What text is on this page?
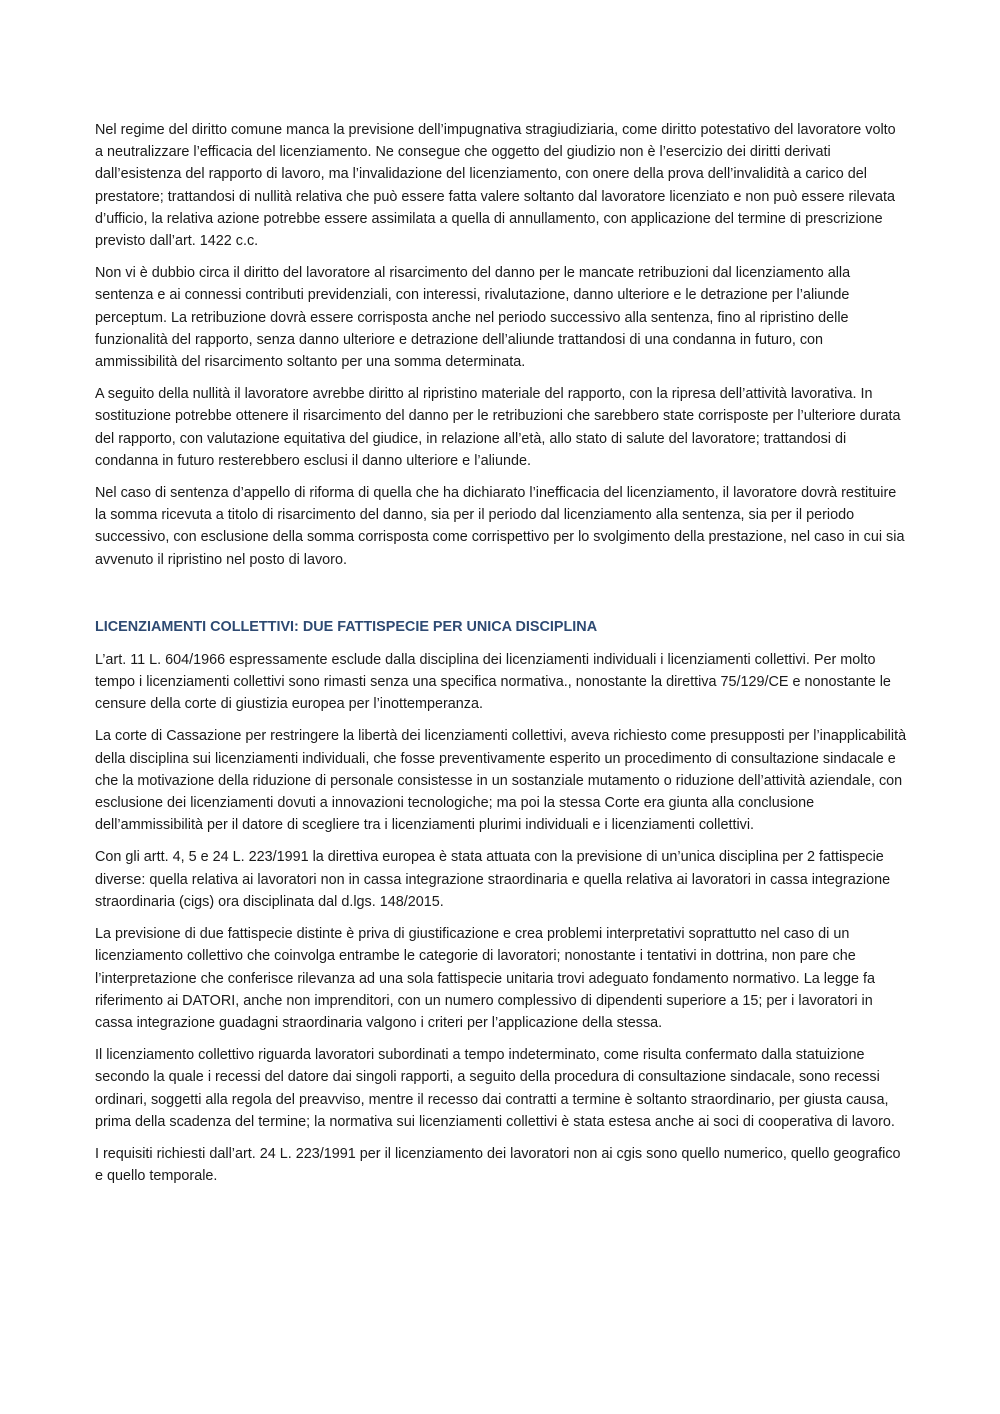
Nel regime del diritto comune manca la previsione dell’impugnativa stragiudiziaria, come diritto potestativo del lavoratore volto a neutralizzare l’efficacia del licenziamento. Ne consegue che oggetto del giudizio non è l’esercizio dei diritti derivati dall’esistenza del rapporto di lavoro, ma l’invalidazione del licenziamento, con onere della prova dell’invalidità a carico del prestatore; trattandosi di nullità relativa che può essere fatta valere soltanto dal lavoratore licenziato e non può essere rilevata d’ufficio, la relativa azione potrebbe essere assimilata a quella di annullamento, con applicazione del termine di prescrizione previsto dall’art. 1422 c.c.

Non vi è dubbio circa il diritto del lavoratore al risarcimento del danno per le mancate retribuzioni dal licenziamento alla sentenza e ai connessi contributi previdenziali, con interessi, rivalutazione, danno ulteriore e le detrazione per l’aliunde perceptum. La retribuzione dovrà essere corrisposta anche nel periodo successivo alla sentenza, fino al ripristino delle funzionalità del rapporto, senza danno ulteriore e detrazione dell’aliunde trattandosi di una condanna in futuro, con ammissibilità del risarcimento soltanto per una somma determinata.

A seguito della nullità il lavoratore avrebbe diritto al ripristino materiale del rapporto, con la ripresa dell’attività lavorativa. In sostituzione potrebbe ottenere il risarcimento del danno per le retribuzioni che sarebbero state corrisposte per l’ulteriore durata del rapporto, con valutazione equitativa del giudice, in relazione all’età, allo stato di salute del lavoratore; trattandosi di condanna in futuro resterebbero esclusi il danno ulteriore e l’aliunde.

Nel caso di sentenza d’appello di riforma di quella che ha dichiarato l’inefficacia del licenziamento, il lavoratore dovrà restituire la somma ricevuta a titolo di risarcimento del danno, sia per il periodo dal licenziamento alla sentenza, sia per il periodo successivo, con esclusione della somma corrisposta come corrispettivo per lo svolgimento della prestazione, nel caso in cui sia avvenuto il ripristino nel posto di lavoro.

LICENZIAMENTI COLLETTIVI: DUE FATTISPECIE PER UNICA DISCIPLINA

L’art. 11 L. 604/1966 espressamente esclude dalla disciplina dei licenziamenti individuali i licenziamenti collettivi. Per molto tempo i licenziamenti collettivi sono rimasti senza una specifica normativa., nonostante la direttiva 75/129/CE e nonostante le censure della corte di giustizia europea per l’inottemperanza.

La corte di Cassazione per restringere la libertà dei licenziamenti collettivi, aveva richiesto come presupposti per l’inapplicabilità della disciplina sui licenziamenti individuali, che fosse preventivamente esperito un procedimento di consultazione sindacale e che la motivazione della riduzione di personale consistesse in un sostanziale mutamento o riduzione dell’attività aziendale, con esclusione dei licenziamenti dovuti a innovazioni tecnologiche; ma poi la stessa Corte era giunta alla conclusione dell’ammissibilità per il datore di scegliere tra i licenziamenti plurimi individuali e i licenziamenti collettivi.

Con gli artt. 4, 5 e 24 L. 223/1991 la direttiva europea è stata attuata con la previsione di un’unica disciplina per 2 fattispecie diverse: quella relativa ai lavoratori non in cassa integrazione straordinaria e quella relativa ai lavoratori in cassa integrazione straordinaria (cigs) ora disciplinata dal d.lgs. 148/2015.

La previsione di due fattispecie distinte è priva di giustificazione e crea problemi interpretativi soprattutto nel caso di un licenziamento collettivo che coinvolga entrambe le categorie di lavoratori; nonostante i tentativi in dottrina, non pare che l’interpretazione che conferisce rilevanza ad una sola fattispecie unitaria trovi adeguato fondamento normativo. La legge fa riferimento ai DATORI, anche non imprenditori, con un numero complessivo di dipendenti superiore a 15; per i lavoratori in cassa integrazione guadagni straordinaria valgono i criteri per l’applicazione della stessa.

Il licenziamento collettivo riguarda lavoratori subordinati a tempo indeterminato, come risulta confermato dalla statuizione secondo la quale i recessi del datore dai singoli rapporti, a seguito della procedura di consultazione sindacale, sono recessi ordinari, soggetti alla regola del preavviso, mentre il recesso dai contratti a termine è soltanto straordinario, per giusta causa, prima della scadenza del termine; la normativa sui licenziamenti collettivi è stata estesa anche ai soci di cooperativa di lavoro.

I requisiti richiesti dall’art. 24 L. 223/1991 per il licenziamento dei lavoratori non ai cgis sono quello numerico, quello geografico e quello temporale.
